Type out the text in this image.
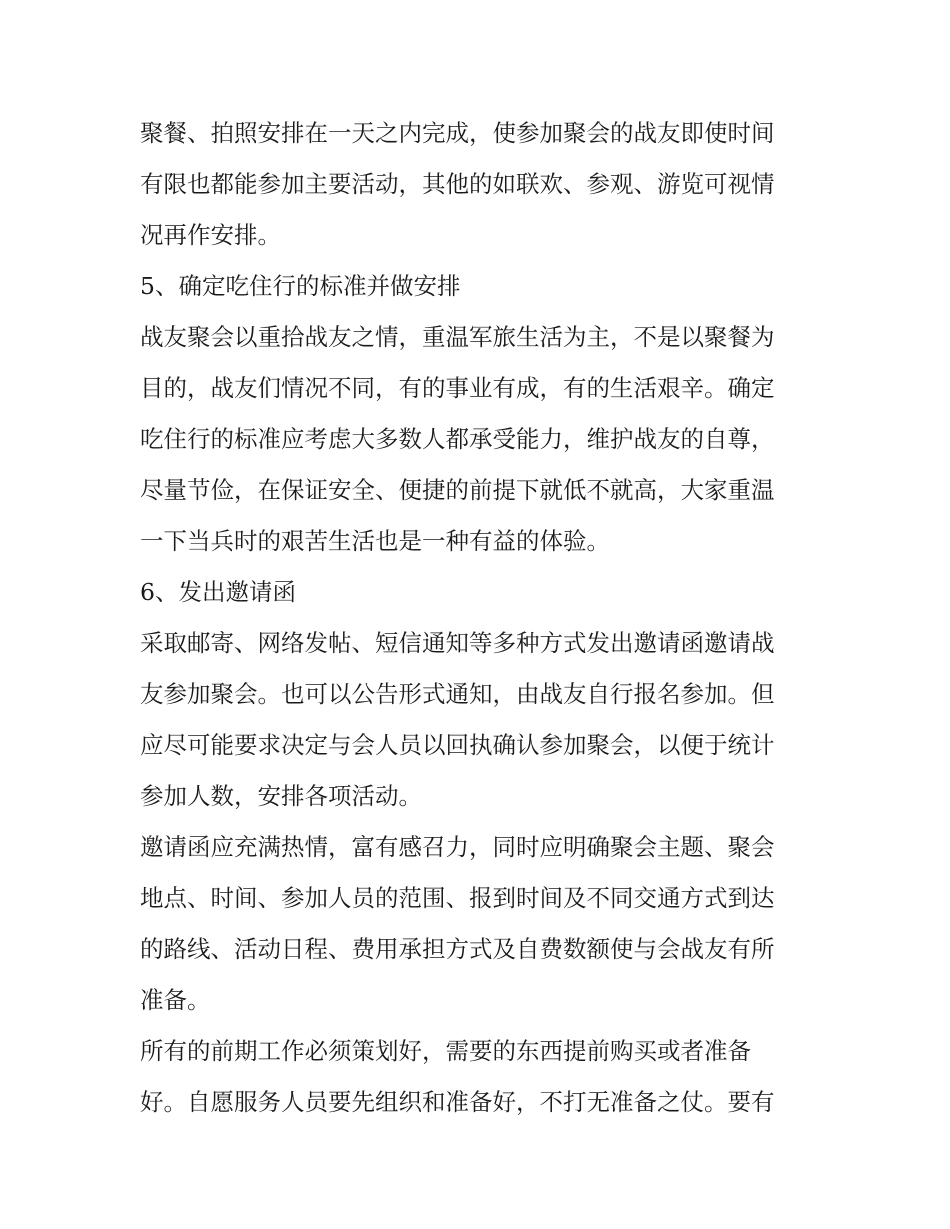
聚餐、拍照安排在一天之内完成，使参加聚会的战友即使时间

有限也都能参加主要活动，其他的如联欢、参观、游览可视情

况再作安排。

5、确定吃住行的标准并做安排

战友聚会以重拾战友之情，重温军旅生活为主，不是以聚餐为

目的，战友们情况不同，有的事业有成，有的生活艰辛。确定

吃住行的标准应考虑大多数人都承受能力，维护战友的自尊，

尽量节俭，在保证安全、便捷的前提下就低不就高，大家重温

一下当兵时的艰苦生活也是一种有益的体验。

6、发出邀请函

采取邮寄、网络发帖、短信通知等多种方式发出邀请函邀请战

友参加聚会。也可以公告形式通知，由战友自行报名参加。但

应尽可能要求决定与会人员以回执确认参加聚会，以便于统计

参加人数，安排各项活动。

邀请函应充满热情，富有感召力，同时应明确聚会主题、聚会

地点、时间、参加人员的范围、报到时间及不同交通方式到达

的路线、活动日程、费用承担方式及自费数额使与会战友有所

准备。

所有的前期工作必须策划好，需要的东西提前购买或者准备

好。自愿服务人员要先组织和准备好，不打无准备之仗。要有
